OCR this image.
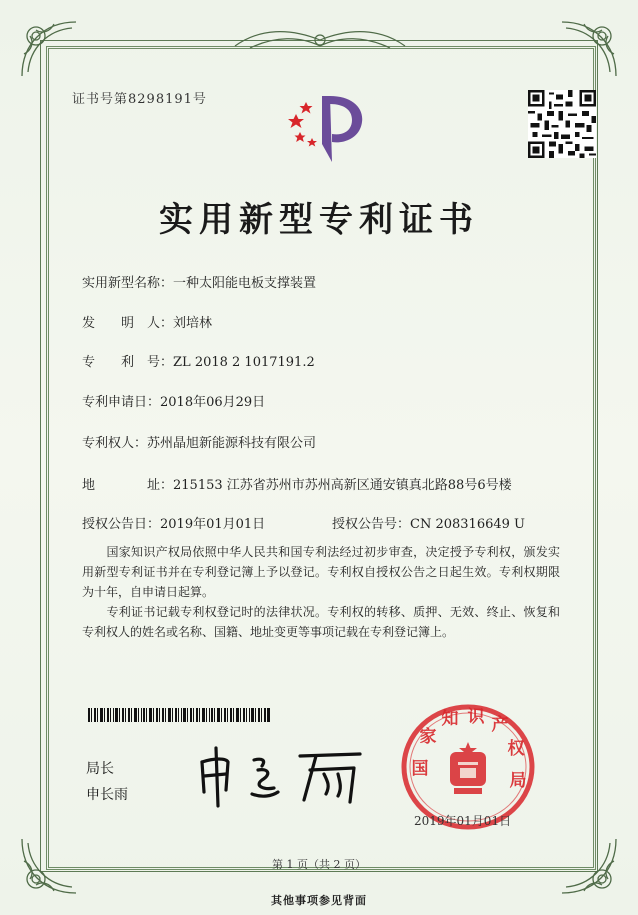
证书号第8298191号
实用新型专利证书
实用新型名称：一种太阳能电板支撑装置
发　　明　人：刘培林
专　　利　号：ZL 2018 2 1017191.2
专利申请日：2018年06月29日
专利权人：苏州晶旭新能源科技有限公司
地　　　　址：215153 江苏省苏州市苏州高新区通安镇真北路88号6号楼
授权公告日：2019年01月01日	授权公告号：CN 208316649 U
　　国家知识产权局依照中华人民共和国专利法经过初步审查，决定授予专利权，颁发实用新型专利证书并在专利登记簿上予以登记。专利权自授权公告之日起生效。专利权期限为十年，自申请日起算。
　　专利证书记载专利权登记时的法律状况。专利权的转移、质押、无效、终止、恢复和专利权人的姓名或名称、国籍、地址变更等事项记载在专利登记簿上。
局长
申长雨
国
家
知 识 产
权
局
2019年01月01日
第 1 页（共 2 页）
其他事项参见背面
